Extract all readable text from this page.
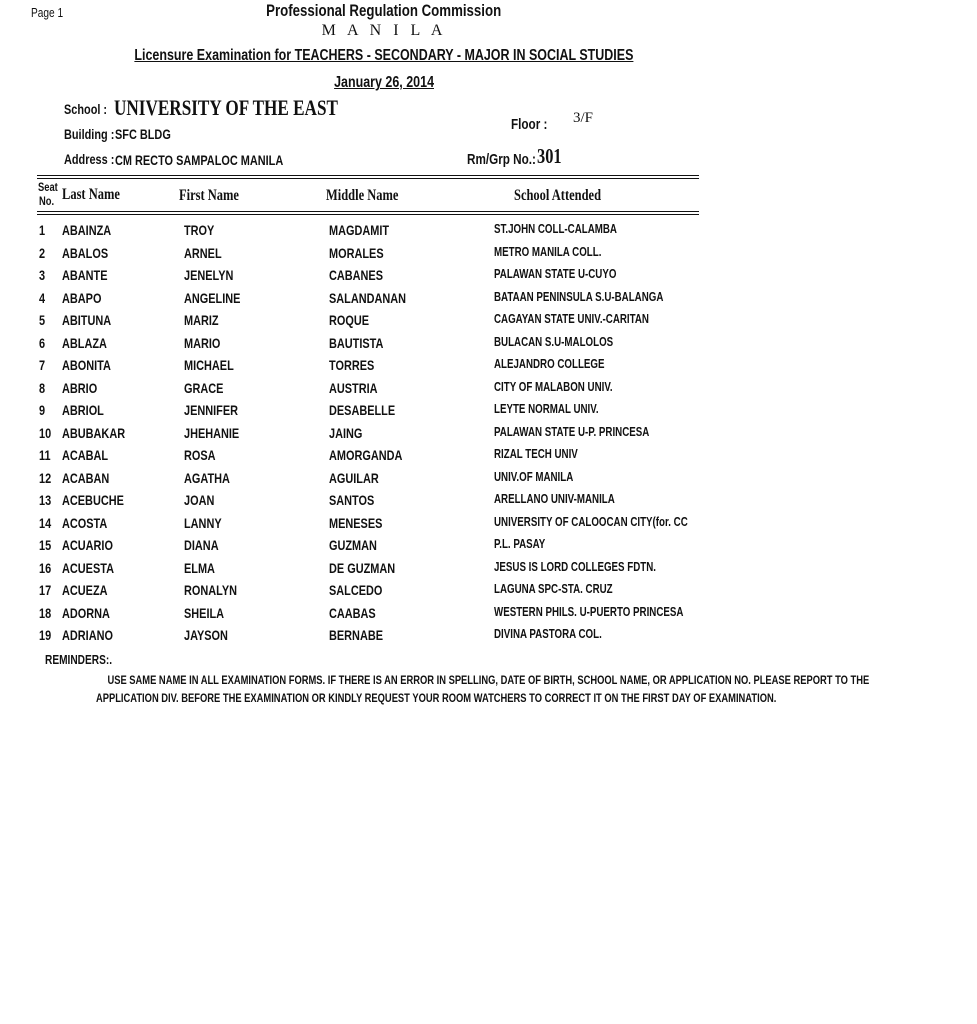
Page 1	Professional Regulation Commission
M A N I L A
Licensure Examination for TEACHERS - SECONDARY - MAJOR IN SOCIAL STUDIES
January 26, 2014
School : UNIVERSITY OF THE EAST
Building : SFC BLDG
Address : CM RECTO SAMPALOC MANILA
Floor : 3/F
Rm/Grp No.: 301
Seat
No. Last Name	First Name	Middle Name	School Attended
1 ABAINZA	TROY	MAGDAMIT	ST.JOHN COLL-CALAMBA
2 ABALOS	ARNEL	MORALES	METRO MANILA COLL.
3 ABANTE	JENELYN	CABANES	PALAWAN STATE U-CUYO
4 ABAPO	ANGELINE	SALANDANAN	BATAAN PENINSULA S.U-BALANGA
5 ABITUNA	MARIZ	ROQUE	CAGAYAN STATE UNIV.-CARITAN
6 ABLAZA	MARIO	BAUTISTA	BULACAN S.U-MALOLOS
7 ABONITA	MICHAEL	TORRES	ALEJANDRO COLLEGE
8 ABRIO	GRACE	AUSTRIA	CITY OF MALABON UNIV.
9 ABRIOL	JENNIFER	DESABELLE	LEYTE NORMAL UNIV.
10 ABUBAKAR	JHEHANIE	JAING	PALAWAN STATE U-P. PRINCESA
11 ACABAL	ROSA	AMORGANDA	RIZAL TECH UNIV
12 ACABAN	AGATHA	AGUILAR	UNIV.OF MANILA
13 ACEBUCHE	JOAN	SANTOS	ARELLANO UNIV-MANILA
14 ACOSTA	LANNY	MENESES	UNIVERSITY OF CALOOCAN CITY(for. CC
15 ACUARIO	DIANA	GUZMAN	P.L. PASAY
16 ACUESTA	ELMA	DE GUZMAN	JESUS IS LORD COLLEGES FDTN.
17 ACUEZA	RONALYN	SALCEDO	LAGUNA SPC-STA. CRUZ
18 ADORNA	SHEILA	CAABAS	WESTERN PHILS. U-PUERTO PRINCESA
19 ADRIANO	JAYSON	BERNABE	DIVINA PASTORA COL.
REMINDERS:.
USE SAME NAME IN ALL EXAMINATION FORMS. IF THERE IS AN ERROR IN SPELLING, DATE OF BIRTH, SCHOOL NAME, OR APPLICATION NO. PLEASE REPORT TO THE
APPLICATION DIV. BEFORE THE EXAMINATION OR KINDLY REQUEST YOUR ROOM WATCHERS TO CORRECT IT ON THE FIRST DAY OF EXAMINATION.
